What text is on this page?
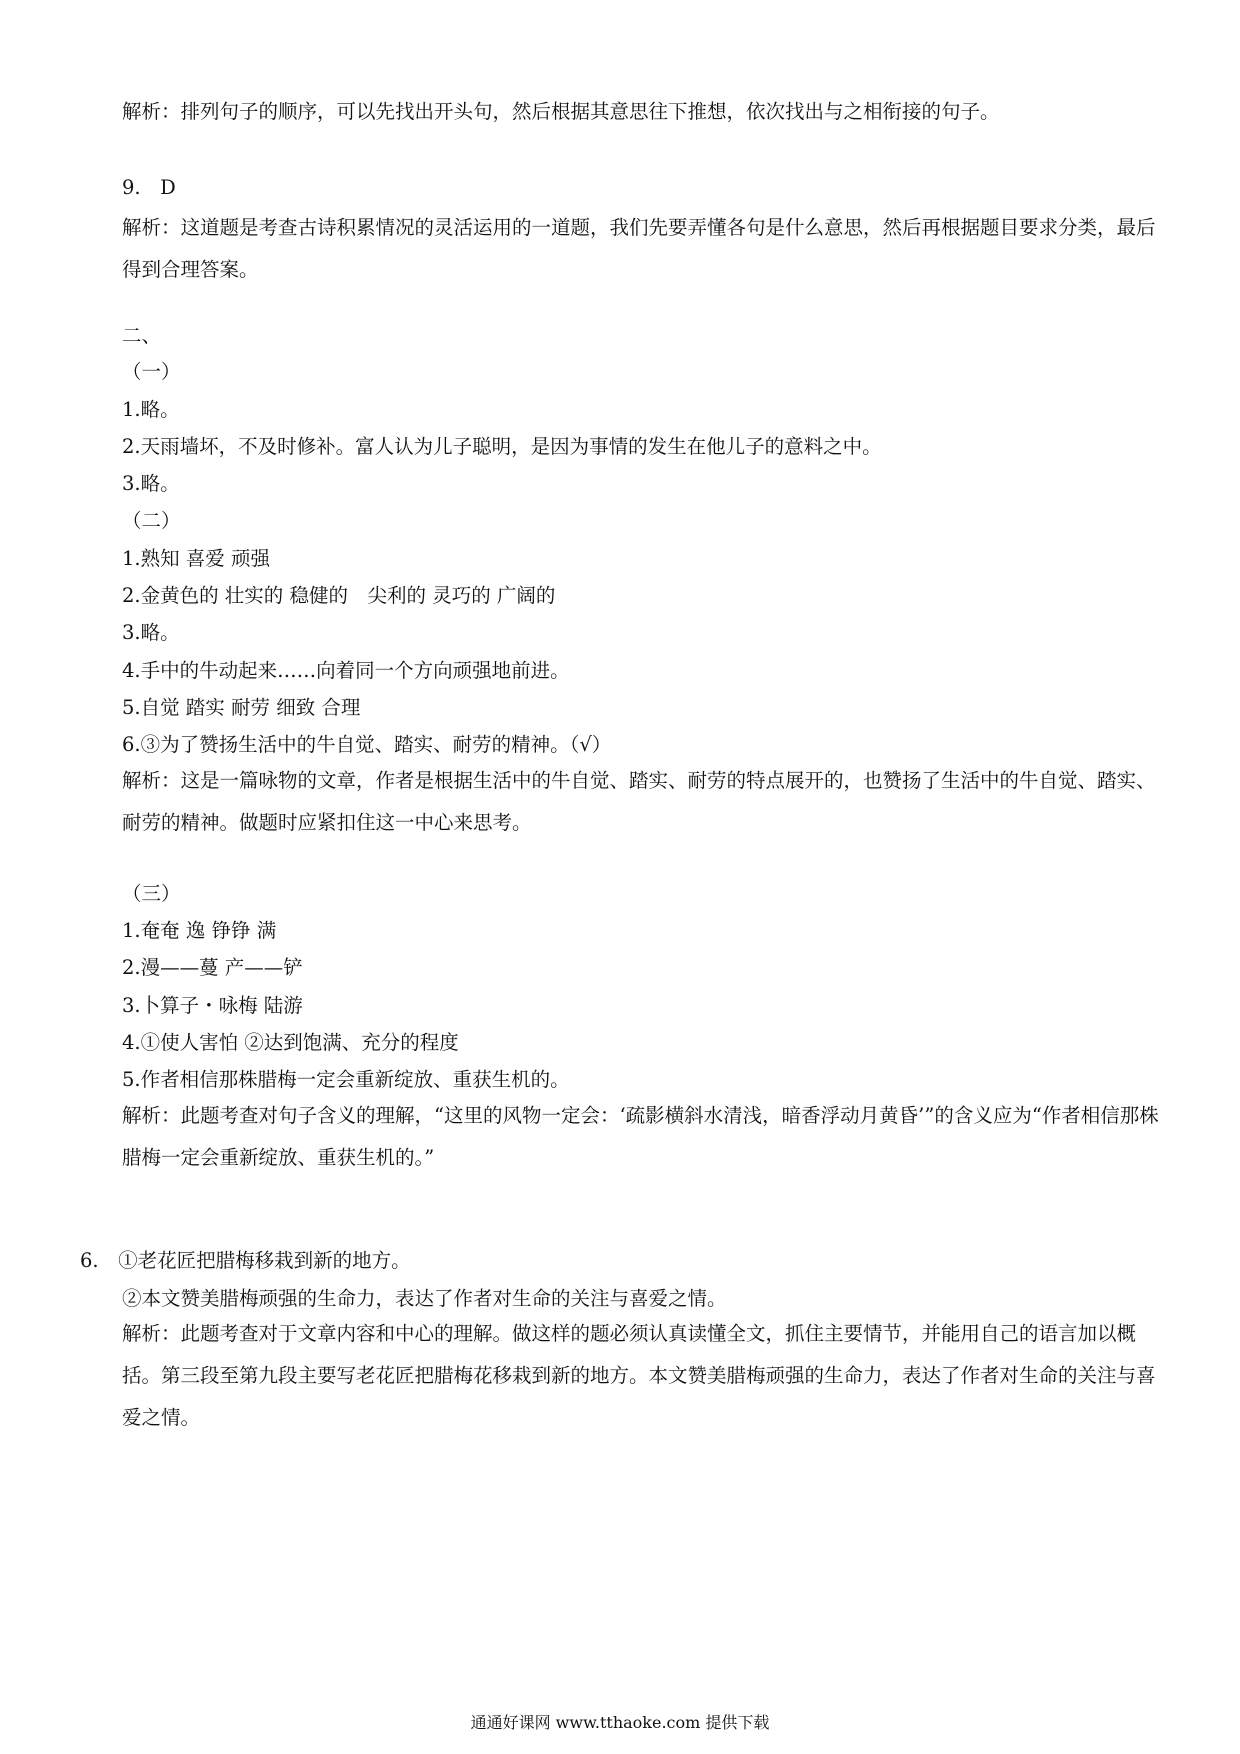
解析：排列句子的顺序，可以先找出开头句，然后根据其意思往下推想，依次找出与之相衔接的句子。
9.　D
解析：这道题是考查古诗积累情况的灵活运用的一道题，我们先要弄懂各句是什么意思，然后再根据题目要求分类，最后得到合理答案。
二、
（一）
1.略。
2.天雨墙坏，不及时修补。富人认为儿子聪明，是因为事情的发生在他儿子的意料之中。
3.略。
（二）
1.熟知 喜爱 顽强
2.金黄色的 壮实的 稳健的　尖利的 灵巧的 广阔的
3.略。
4.手中的牛动起来……向着同一个方向顽强地前进。
5.自觉 踏实 耐劳 细致 合理
6.③为了赞扬生活中的牛自觉、踏实、耐劳的精神。（√）
解析：这是一篇咏物的文章，作者是根据生活中的牛自觉、踏实、耐劳的特点展开的，也赞扬了生活中的牛自觉、踏实、耐劳的精神。做题时应紧扣住这一中心来思考。
（三）
1.奄奄 逸 铮铮 满
2.漫——蔓 产——铲
3.卜算子・咏梅 陆游
4.①使人害怕 ②达到饱满、充分的程度
5.作者相信那株腊梅一定会重新绽放、重获生机的。
解析：此题考查对句子含义的理解，“这里的风物一定会：‘疏影横斜水清浅，暗香浮动月黄昏’”的含义应为“作者相信那株腊梅一定会重新绽放、重获生机的。”
6.　①老花匠把腊梅移栽到新的地方。
②本文赞美腊梅顽强的生命力，表达了作者对生命的关注与喜爱之情。
解析：此题考查对于文章内容和中心的理解。做这样的题必须认真读懂全文，抓住主要情节，并能用自己的语言加以概括。第三段至第九段主要写老花匠把腊梅花移栽到新的地方。本文赞美腊梅顽强的生命力，表达了作者对生命的关注与喜爱之情。
通通好课网 www.tthaoke.com 提供下载
